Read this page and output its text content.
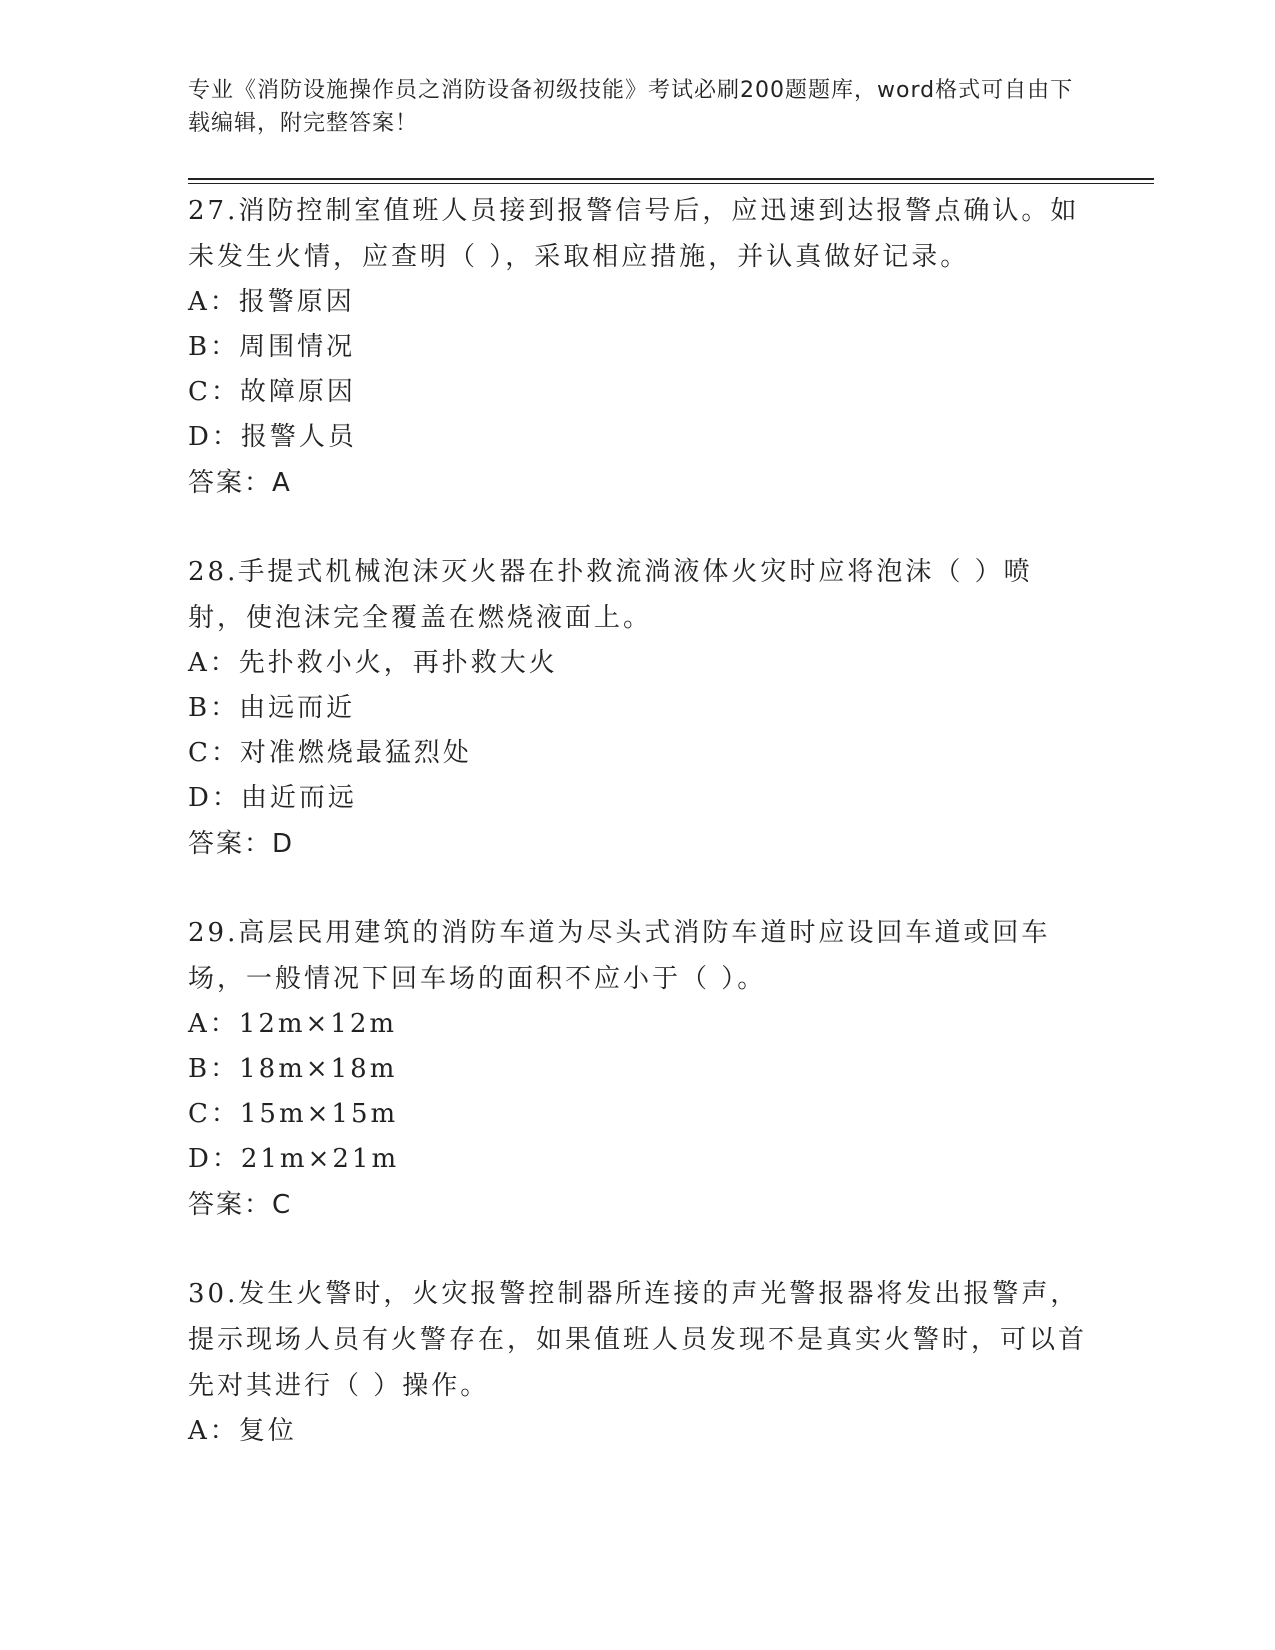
专业《消防设施操作员之消防设备初级技能》考试必刷200题题库，word格式可自由下载编辑，附完整答案！
27.消防控制室值班人员接到报警信号后，应迅速到达报警点确认。如未发生火情，应查明（ ），采取相应措施，并认真做好记录。
A：报警原因
B：周围情况
C：故障原因
D：报警人员
答案：A
28.手提式机械泡沫灭火器在扑救流淌液体火灾时应将泡沫（ ）喷射，使泡沫完全覆盖在燃烧液面上。
A：先扑救小火，再扑救大火
B：由远而近
C：对准燃烧最猛烈处
D：由近而远
答案：D
29.高层民用建筑的消防车道为尽头式消防车道时应设回车道或回车场，一般情况下回车场的面积不应小于（ ）。
A：12m×12m
B：18m×18m
C：15m×15m
D：21m×21m
答案：C
30.发生火警时，火灾报警控制器所连接的声光警报器将发出报警声，提示现场人员有火警存在，如果值班人员发现不是真实火警时，可以首先对其进行（ ）操作。
A：复位
